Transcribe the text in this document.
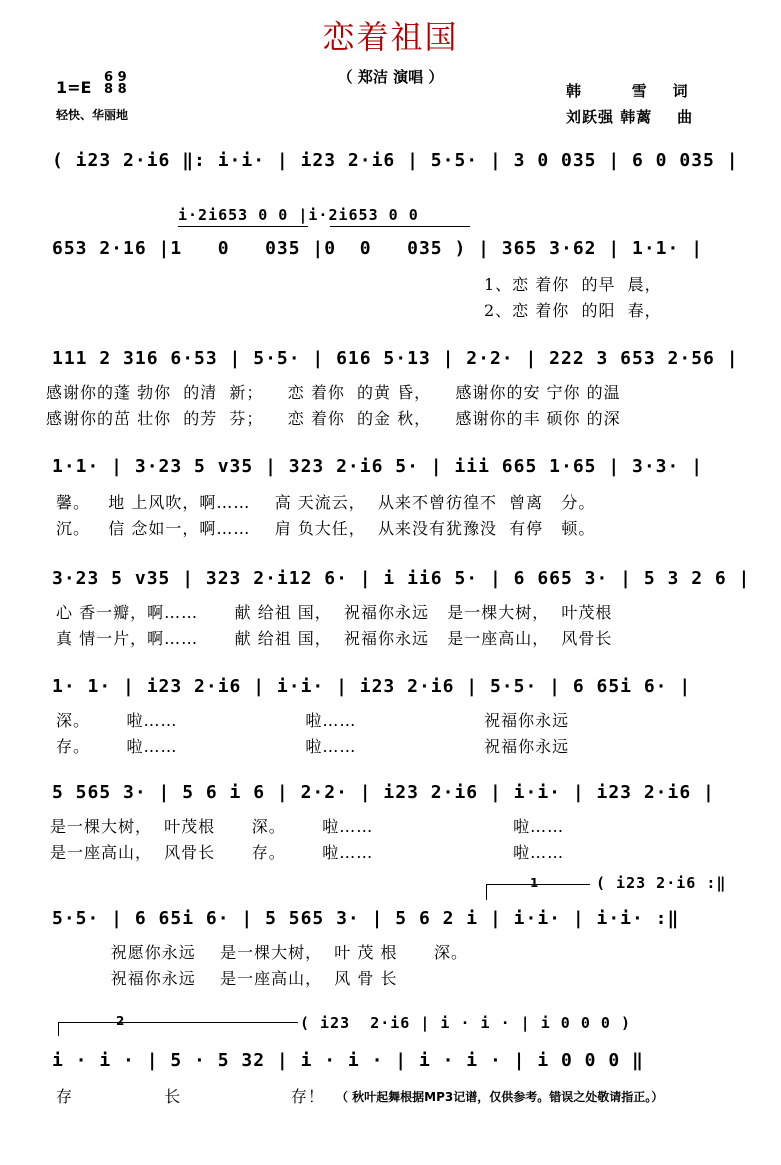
恋着祖国
（ 郑洁 演唱 ）
1=E
6 9
8 8
轻快、华丽地
韩        雪    词
刘跃强 韩蓠    曲
( i23 2·i6 ‖: i·i· | i23 2·i6 | 5·5· | 3 0 035 | 6 0 035 |
i·2i653 0 0 |i·2i653 0 0
653 2·16 |1   0   035 |0  0   035 ) | 365 3·62 | 1·1· |
1、恋 着你  的早  晨，
2、恋 着你  的阳  春，
111 2 316 6·53 | 5·5· | 616 5·13 | 2·2· | 222 3 653 2·56 |
感谢你的蓬 勃你  的清  新；    恋 着你  的黄 昏，    感谢你的安 宁你 的温
感谢你的茁 壮你  的芳  芬；    恋 着你  的金 秋，    感谢你的丰 硕你 的深
1·1· | 3·23 5 v35 | 323 2·i6 5· | iii 665 1·65 | 3·3· |
馨。   地 上风吹，啊……    高 天流云，  从来不曾彷徨不  曾离   分。
沉。   信 念如一，啊……    肩 负大任，  从来没有犹豫没  有停   顿。
3·23 5 v35 | 323 2·i12 6· | i ii6 5· | 6 665 3· | 5 3 2 6 |
心 香一瓣，啊……      献 给祖 国，  祝福你永远   是一棵大树，  叶茂根
真 情一片，啊……      献 给祖 国，  祝福你永远   是一座高山，  风骨长
1· 1· | i23 2·i6 | i·i· | i23 2·i6 | 5·5· | 6 65i 6· |
深。      啦……                     啦……                     祝福你永远
存。      啦……                     啦……                     祝福你永远
5 565 3· | 5 6 i 6 | 2·2· | i23 2·i6 | i·i· | i23 2·i6 |
是一棵大树，  叶茂根      深。      啦……                       啦……
是一座高山，  风骨长      存。      啦……                       啦……
1	( i23 2·i6 :‖
5·5· | 6 65i 6· | 5 565 3· | 5 6 2 i | i·i· | i·i· :‖
祝愿你永远    是一棵大树，  叶 茂 根      深。
祝福你永远    是一座高山，  风 骨 长
2	( i23  2·i6 | i · i · | i 0 0 0 )
i · i · | 5 · 5 32 | i · i · | i · i · | i 0 0 0 ‖
存               长                  存！ （ 秋叶起舞根据MP3记谱，仅供参考。错误之处敬请指正。）
